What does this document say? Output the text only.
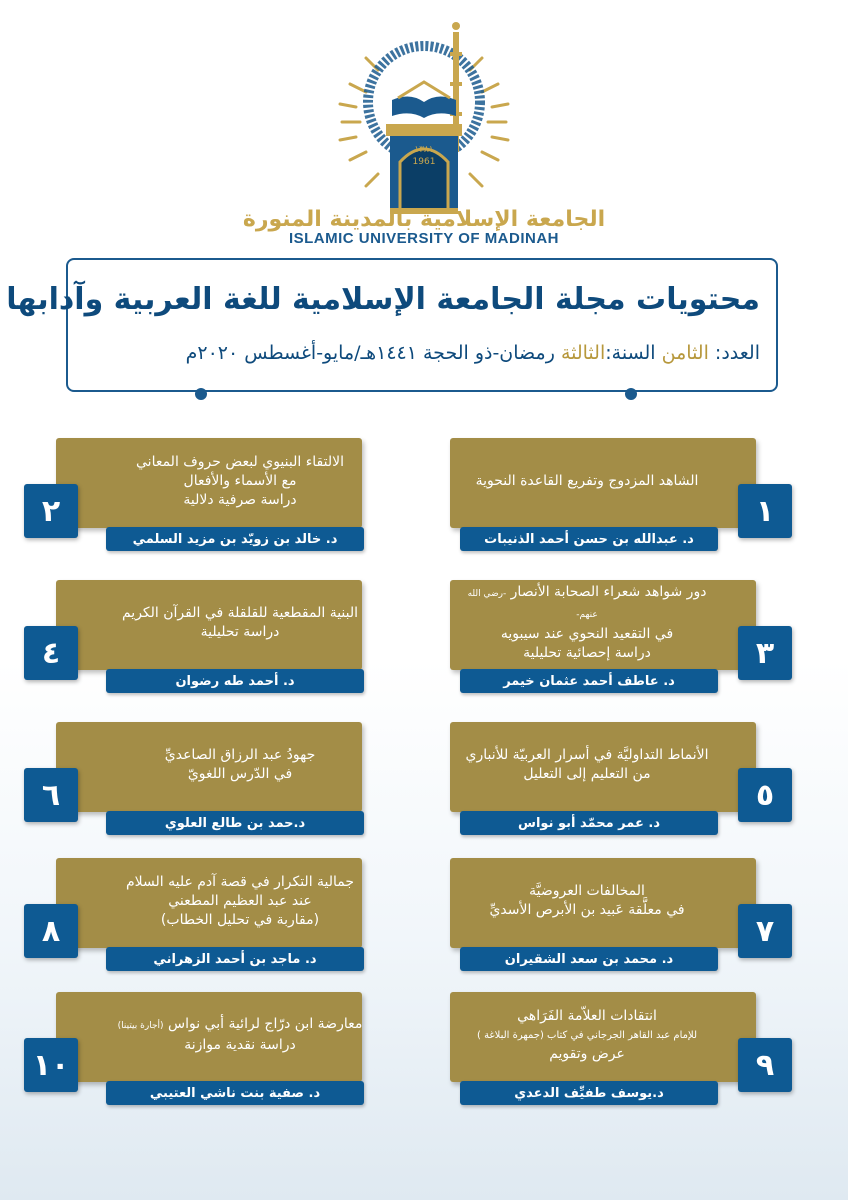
١٣٨١
1961
الجامعة الإسلامية بالمدينة المنورة
ISLAMIC UNIVERSITY OF MADINAH
محتويات مجلة الجامعة الإسلامية للغة العربية وآدابها
العدد: الثامن السنة:الثالثة رمضان-ذو الحجة ١٤٤١هـ/مايو-أغسطس ٢٠٢٠م
الشاهد المزدوج وتفريع القاعدة النحوية
د. عبدالله بن حسن أحمد الذنيبات
١
الالتقاء البنيوي لبعض حروف المعاني
مع الأسماء والأفعال
دراسة صرفية دلالية
د. خالد بن زويّد بن مزيد السلمي
٢
دور شواهد شعراء الصحابة الأنصار -رضي الله عنهم-
في التقعيد النحوي عند سيبويه
دراسة إحصائية تحليلية
د. عاطف أحمد عثمان خيمر
٣
البنية المقطعية للقلقلة في القرآن الكريم
دراسة تحليلية
د. أحمد طه رضوان
٤
الأنماط التداوليَّة في أسرار العربيّة للأنباري
من التعليم إلى التعليل
د. عمر محمّد أبو نواس
٥
جهودُ عبد الرزاق الصاعديِّ
في الدّرس اللغويّ
د.حمد بن طالع العلوي
٦
المخالفات العروضيَّة
في معلَّقة عَبيد بن الأبرص الأسديِّ
د. محمد بن سعد الشقيران
٧
جمالية التكرار في قصة آدم عليه السلام
عند عبد العظيم المطعني
(مقاربة في تحليل الخطاب)
د. ماجد بن أحمد الزهراني
٨
انتقادات العلاّمة الفَرَاهي
للإمام عبد القاهر الجرجاني في كتاب (جمهرة البلاغة )
عرض وتقويم
د.يوسف طفيِّف الدعدي
٩
معارضة ابن درّاج لرائية أبي نواس (أجارة بيتينا)
دراسة نقدية موازنة
د. صفية بنت ناشي العتيبي
١٠
